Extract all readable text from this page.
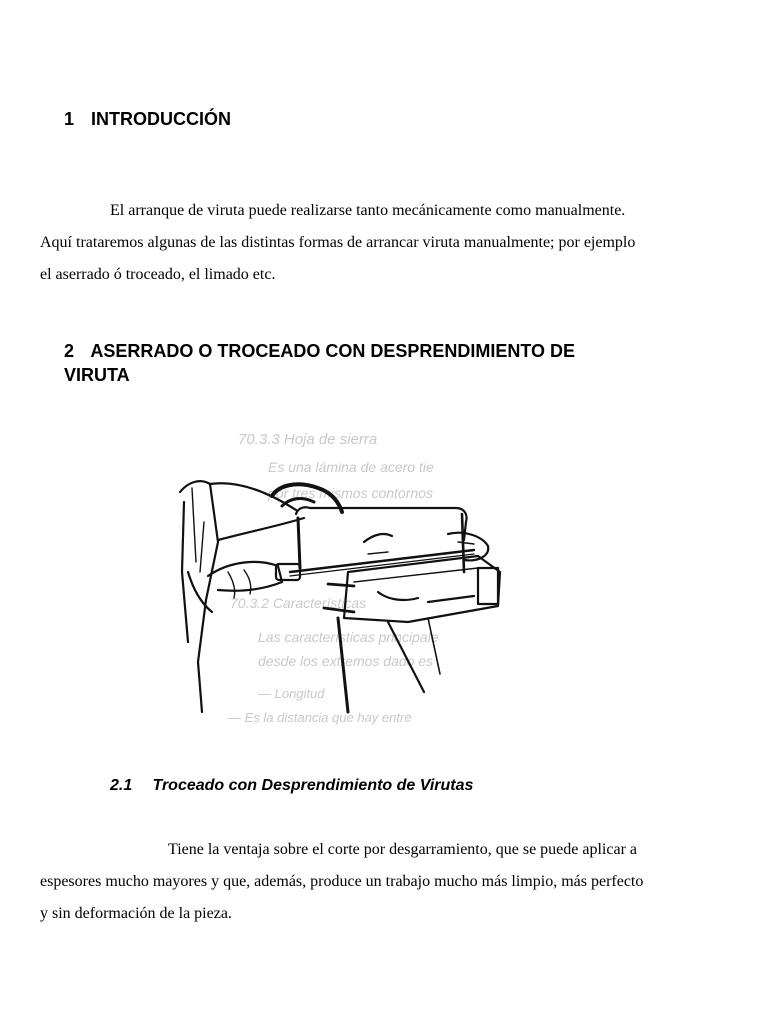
1 INTRODUCCIÓN
El arranque de viruta puede realizarse tanto mecánicamente como manualmente.
Aquí trataremos algunas de las distintas formas de arrancar viruta manualmente; por ejemplo
el aserrado ó troceado, el limado etc.
2 ASERRADO O TROCEADO CON DESPRENDIMIENTO DE
VIRUTA
70.3.3 Hoja de sierra
Es una lámina de acero tie
por tres mismos contornos
70.3.2 Características
Las características principale
desde los extremos dado es
— Longitud
— Es la distancia que hay entre
2.1 Troceado con Desprendimiento de Virutas
Tiene la ventaja sobre el corte por desgarramiento, que se puede aplicar a
espesores mucho mayores y que, además, produce un trabajo mucho más limpio, más perfecto
y sin deformación de la pieza.
